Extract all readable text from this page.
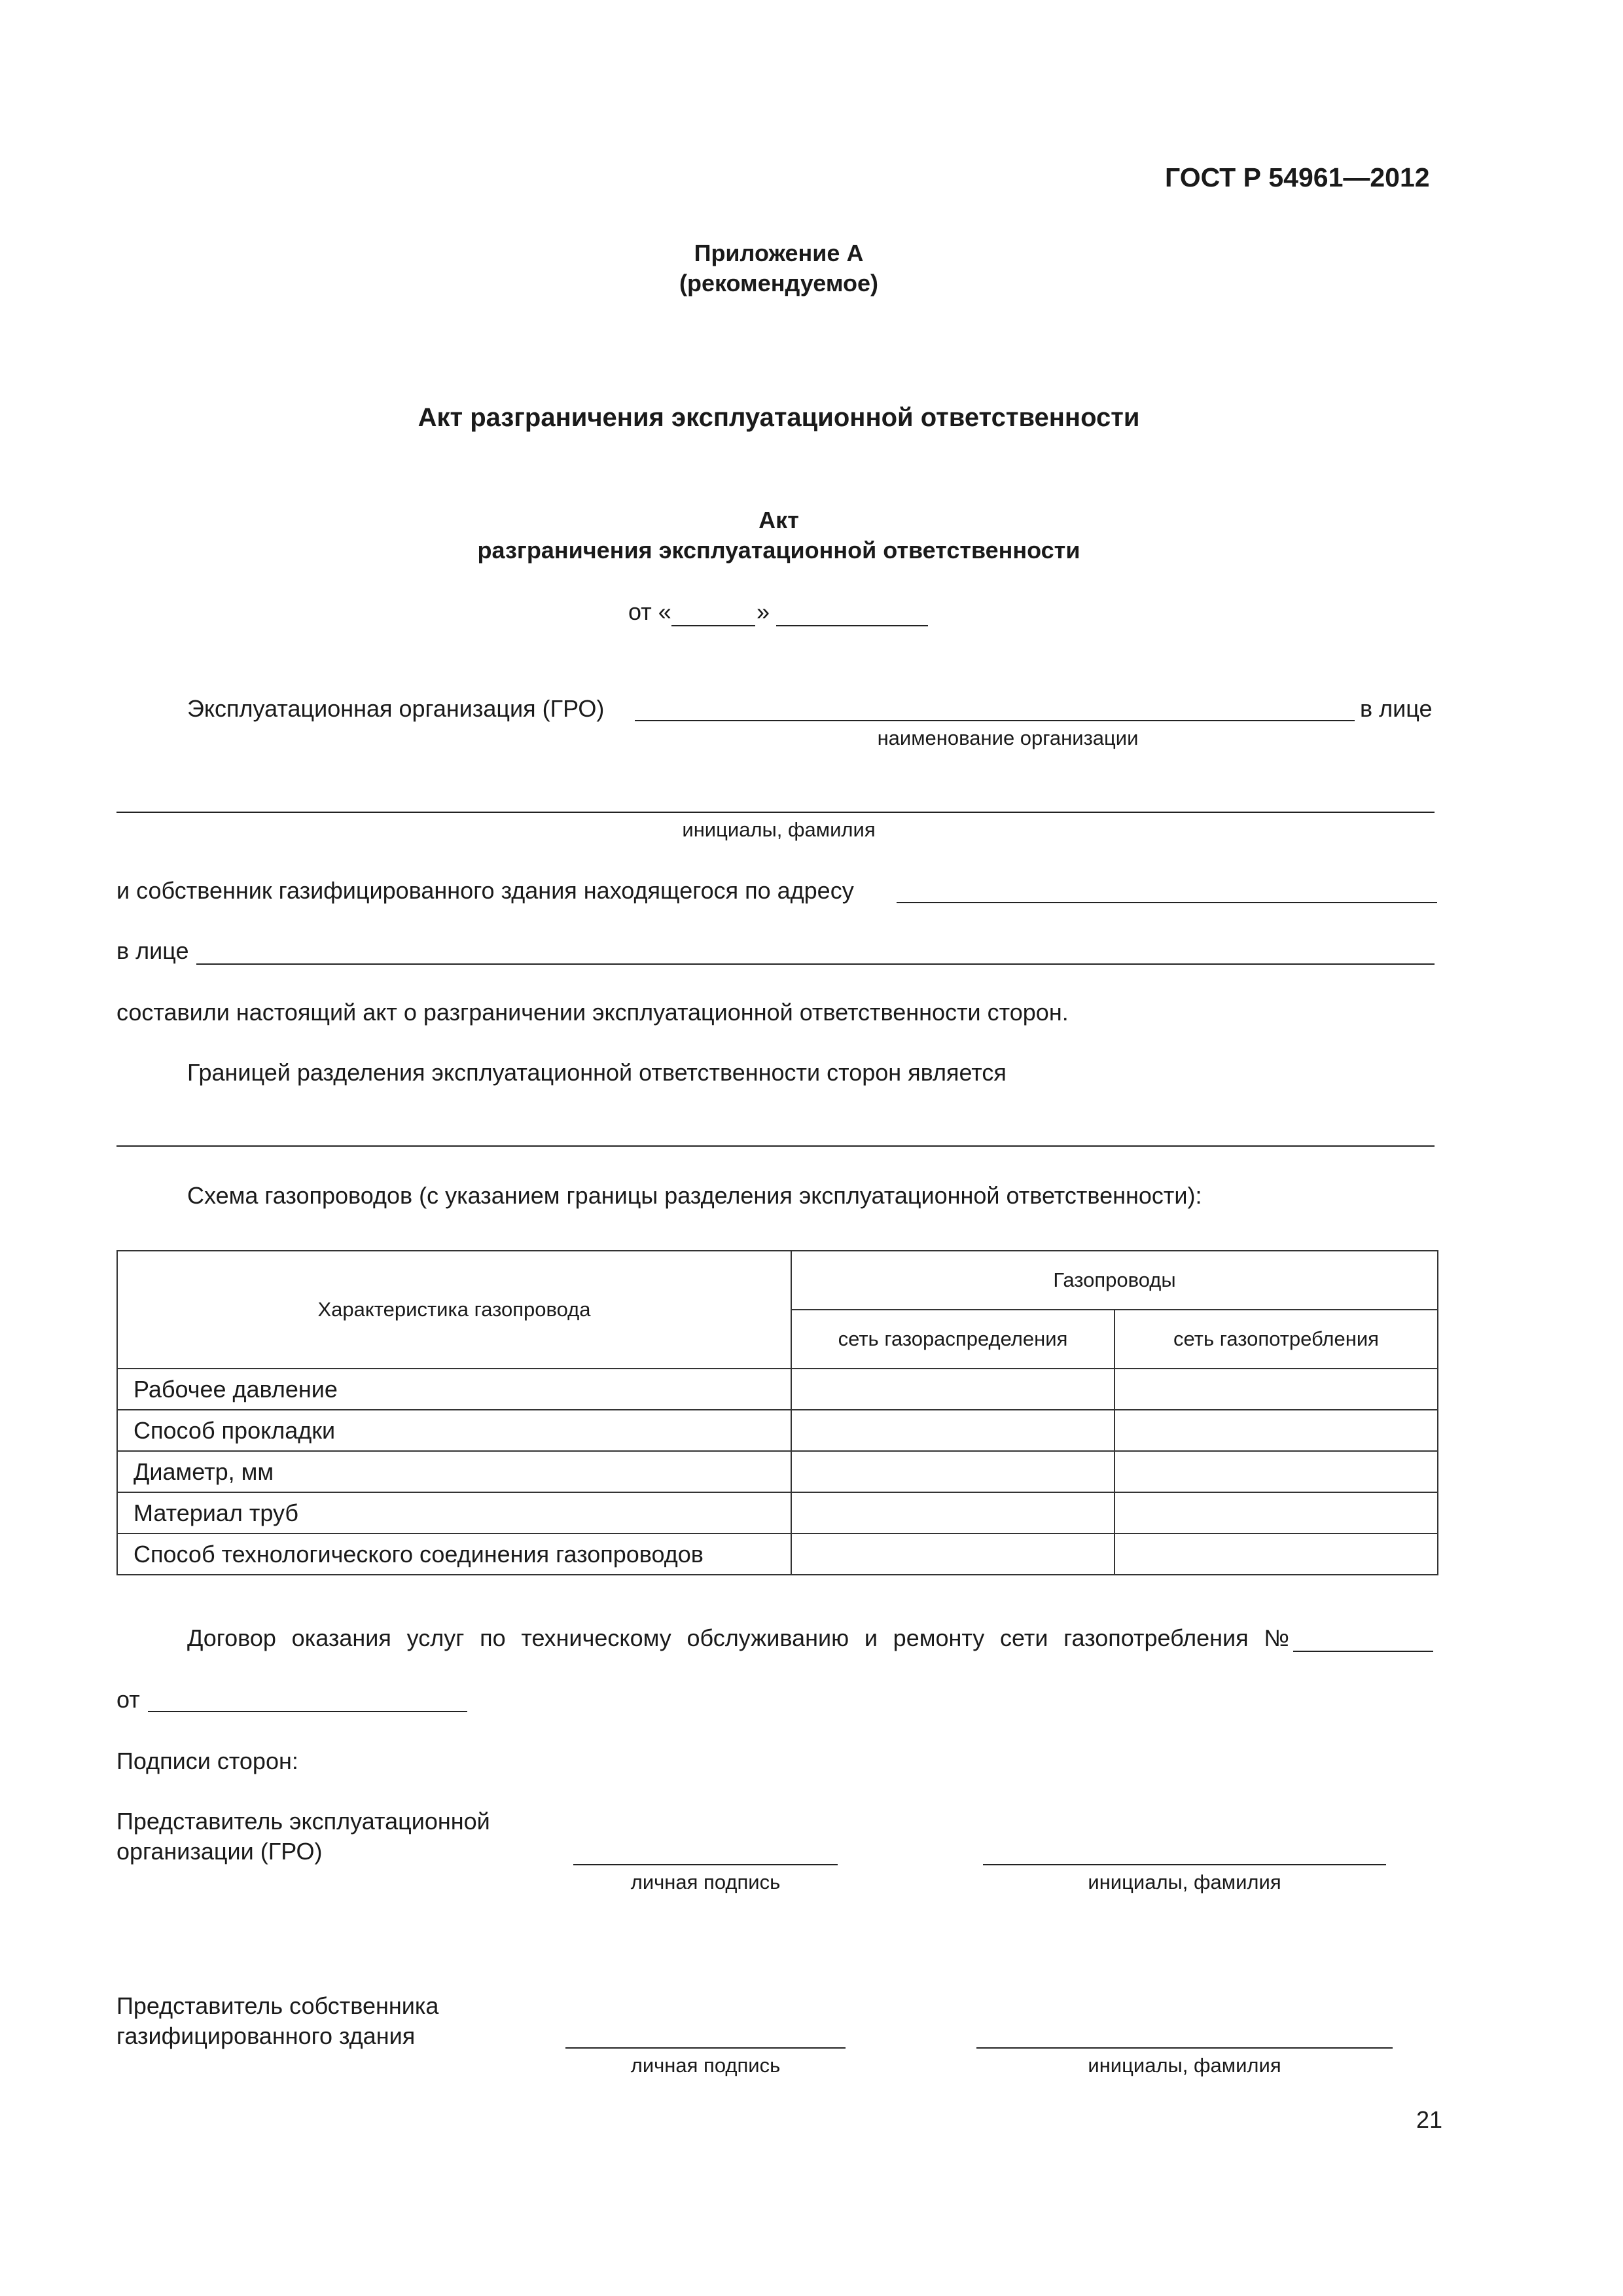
ГОСТ Р 54961—2012
Приложение А
(рекомендуемое)
Акт разграничения эксплуатационной ответственности
Акт
разграничения эксплуатационной ответственности
от «	»
Эксплуатационная организация (ГРО)	в лице
наименование организации
инициалы, фамилия
и собственник газифицированного здания находящегося по адресу
в лице
составили настоящий акт о разграничении эксплуатационной ответственности сторон.
Границей разделения эксплуатационной ответственности сторон является
Схема газопроводов (с указанием границы разделения эксплуатационной ответственности):
Характеристика газопровода	Газопроводы	
	сеть газораспределения	сеть газопотребления
Рабочее давление		
Способ прокладки		
Диаметр, мм		
Материал труб		
Способ технологического соединения газопроводов		
Договор оказания услуг по техническому обслуживанию и ремонту сети газопотребления №
от
Подписи сторон:
Представитель эксплуатационной
организации (ГРО)
личная подпись	инициалы, фамилия
Представитель собственника
газифицированного здания
личная подпись	инициалы, фамилия
21
